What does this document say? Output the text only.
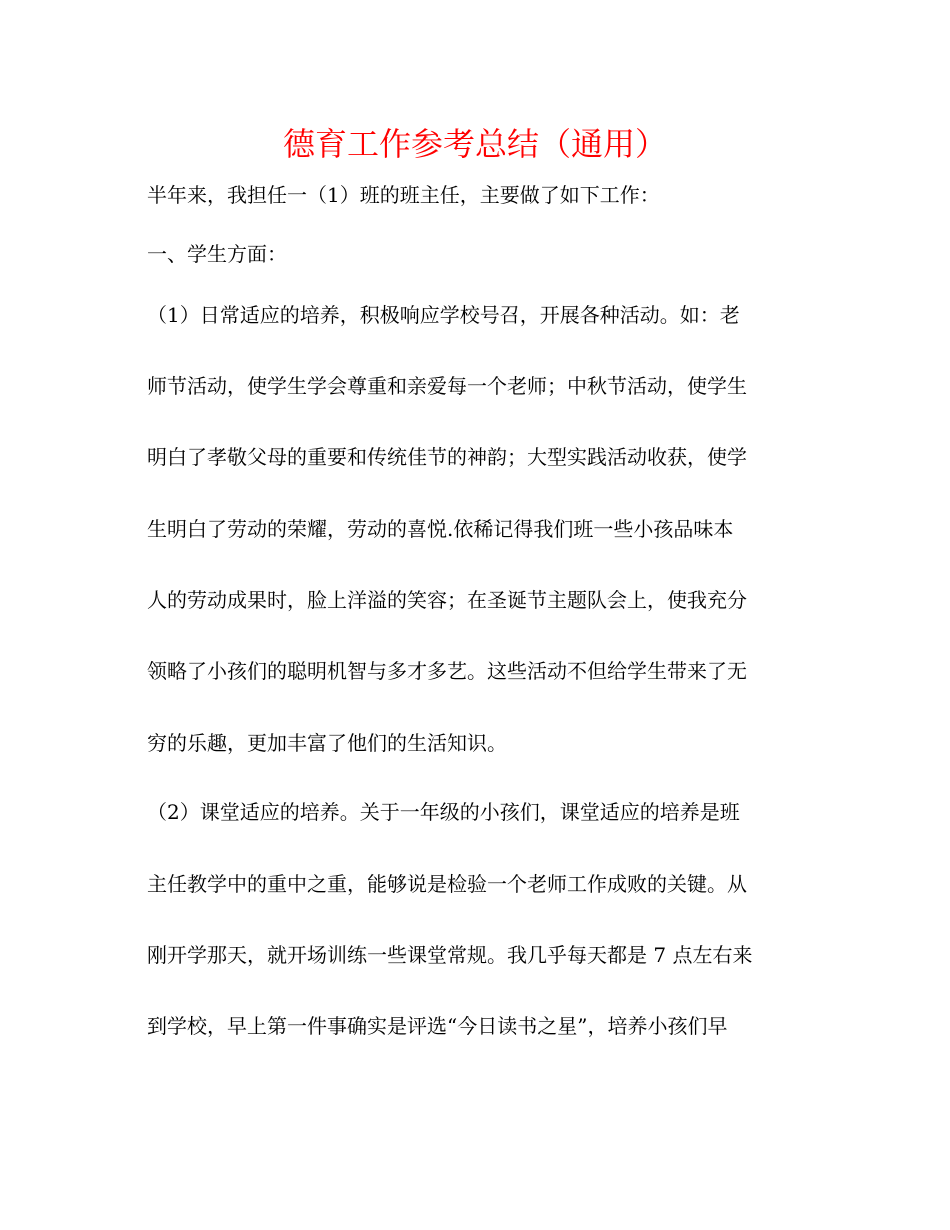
德育工作参考总结（通用）
半年来，我担任一（1）班的班主任，主要做了如下工作：
一、学生方面：
（1）日常适应的培养，积极响应学校号召，开展各种活动。如：老
师节活动，使学生学会尊重和亲爱每一个老师；中秋节活动，使学生
明白了孝敬父母的重要和传统佳节的神韵；大型实践活动收获，使学
生明白了劳动的荣耀，劳动的喜悦.依稀记得我们班一些小孩品味本
人的劳动成果时，脸上洋溢的笑容；在圣诞节主题队会上，使我充分
领略了小孩们的聪明机智与多才多艺。这些活动不但给学生带来了无
穷的乐趣，更加丰富了他们的生活知识。
（2）课堂适应的培养。关于一年级的小孩们，课堂适应的培养是班
主任教学中的重中之重，能够说是检验一个老师工作成败的关键。从
刚开学那天，就开场训练一些课堂常规。我几乎每天都是 7 点左右来
到学校，早上第一件事确实是评选“今日读书之星”，培养小孩们早
